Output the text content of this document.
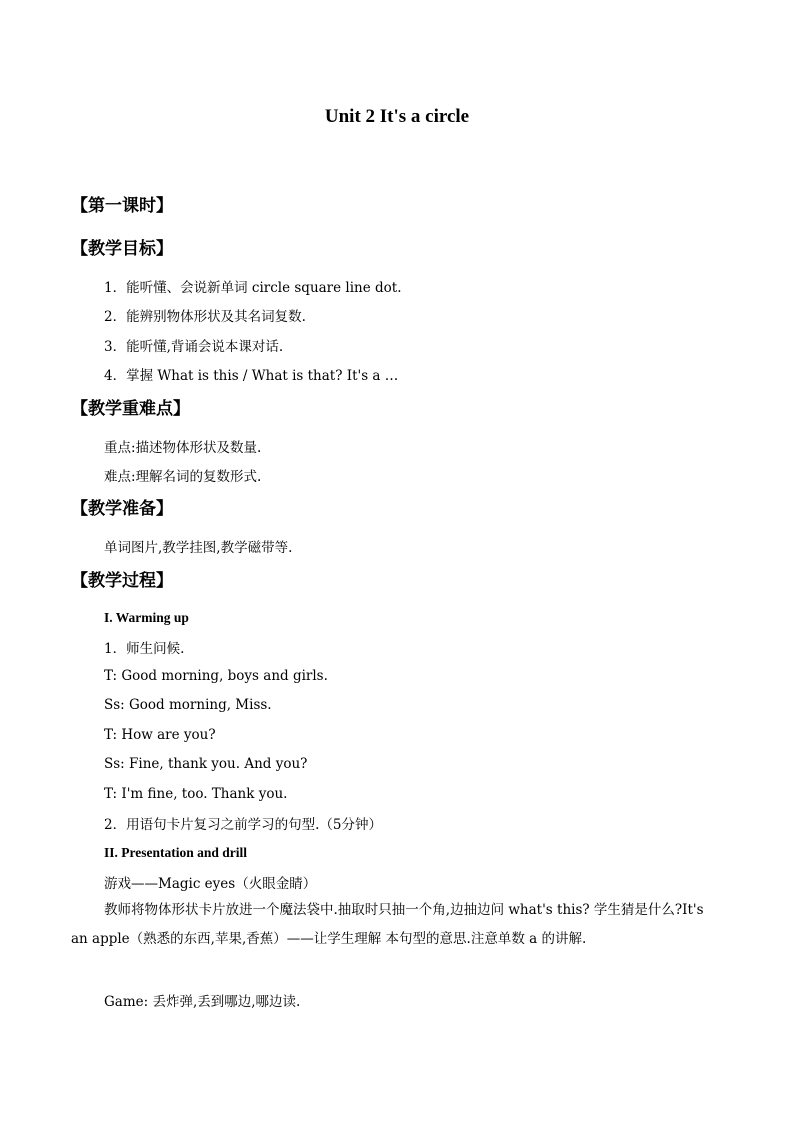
Unit 2 It's a circle
【第一课时】
【教学目标】
1．能听懂、会说新单词 circle square line dot.
2．能辨别物体形状及其名词复数.
3．能听懂,背诵会说本课对话.
4．掌握 What is this / What is that? It's a …
【教学重难点】
重点:描述物体形状及数量.
难点:理解名词的复数形式.
【教学准备】
单词图片,教学挂图,教学磁带等.
【教学过程】
I. Warming up
1．师生问候.
T: Good morning, boys and girls.
Ss: Good morning, Miss.
T: How are you?
Ss: Fine, thank you. And you?
T: I'm fine, too. Thank you.
2．用语句卡片复习之前学习的句型.（5分钟）
II. Presentation and drill
游戏——Magic eyes（火眼金睛）
教师将物体形状卡片放进一个魔法袋中.抽取时只抽一个角,边抽边问 what's this? 学生猜是什么?It's an apple（熟悉的东西,苹果,香蕉）——让学生理解 本句型的意思.注意单数 a 的讲解.
Game: 丢炸弹,丢到哪边,哪边读.
